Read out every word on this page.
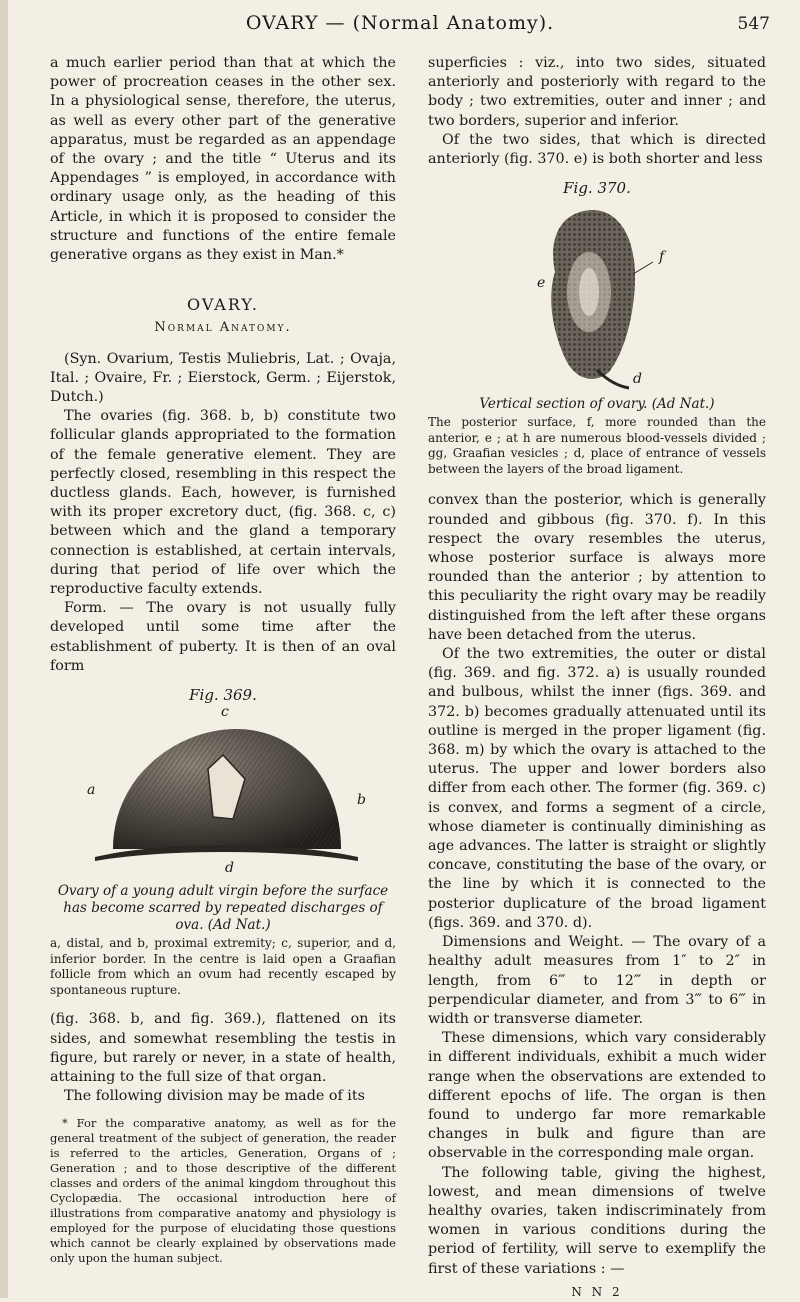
OVARY — (Normal Anatomy).	547

a much earlier period than that at which the power of procreation ceases in the other sex. In a physiological sense, therefore, the uterus, as well as every other part of the generative apparatus, must be regarded as an appendage of the ovary ; and the title “ Uterus and its Appendages ” is employed, in accordance with ordinary usage only, as the heading of this Article, in which it is proposed to consider the structure and functions of the entire female generative organs as they exist in Man.*

OVARY.
Normal Anatomy.

(Syn. Ovarium, Testis Muliebris, Lat. ; Ovaja, Ital. ; Ovaire, Fr. ; Eierstock, Germ. ; Eijerstok, Dutch.)

The ovaries (fig. 368. b, b) constitute two follicular glands appropriated to the formation of the female generative element. They are perfectly closed, resembling in this respect the ductless glands. Each, however, is furnished with its proper excretory duct, (fig. 368. c, c) between which and the gland a temporary connection is established, at certain intervals, during that period of life over which the reproductive faculty extends.

Form. — The ovary is not usually fully developed until some time after the establishment of puberty. It is then of an oval form

Fig. 369.
c
a
b
d
Ovary of a young adult virgin before the surface has become scarred by repeated discharges of ova. (Ad Nat.)
a, distal, and b, proximal extremity; c, superior, and d, inferior border. In the centre is laid open a Graafian follicle from which an ovum had recently escaped by spontaneous rupture.

(fig. 368. b, and fig. 369.), flattened on its sides, and somewhat resembling the testis in figure, but rarely or never, in a state of health, attaining to the full size of that organ.

The following division may be made of its

* For the comparative anatomy, as well as for the general treatment of the subject of generation, the reader is referred to the articles, Generation, Organs of ; Generation ; and to those descriptive of the different classes and orders of the animal kingdom throughout this Cyclopædia. The occasional introduction here of illustrations from comparative anatomy and physiology is employed for the purpose of elucidating those questions which cannot be clearly explained by observations made only upon the human subject.

superficies : viz., into two sides, situated anteriorly and posteriorly with regard to the body ; two extremities, outer and inner ; and two borders, superior and inferior.

Of the two sides, that which is directed anteriorly (fig. 370. e) is both shorter and less

Fig. 370.
e
f
d
Vertical section of ovary. (Ad Nat.)
The posterior surface, f, more rounded than the anterior, e ; at h are numerous blood-vessels divided ; gg, Graafian vesicles ; d, place of entrance of vessels between the layers of the broad ligament.

convex than the posterior, which is generally rounded and gibbous (fig. 370. f). In this respect the ovary resembles the uterus, whose posterior surface is always more rounded than the anterior ; by attention to this peculiarity the right ovary may be readily distinguished from the left after these organs have been detached from the uterus.

Of the two extremities, the outer or distal (fig. 369. and fig. 372. a) is usually rounded and bulbous, whilst the inner (figs. 369. and 372. b) becomes gradually attenuated until its outline is merged in the proper ligament (fig. 368. m) by which the ovary is attached to the uterus. The upper and lower borders also differ from each other. The former (fig. 369. c) is convex, and forms a segment of a circle, whose diameter is continually diminishing as age advances. The latter is straight or slightly concave, constituting the base of the ovary, or the line by which it is connected to the posterior duplicature of the broad ligament (figs. 369. and 370. d).

Dimensions and Weight. — The ovary of a healthy adult measures from 1″ to 2″ in length, from 6‴ to 12‴ in depth or perpendicular diameter, and from 3‴ to 6‴ in width or transverse diameter.

These dimensions, which vary considerably in different individuals, exhibit a much wider range when the observations are extended to different epochs of life. The organ is then found to undergo far more remarkable changes in bulk and figure than are observable in the corresponding male organ.

The following table, giving the highest, lowest, and mean dimensions of twelve healthy ovaries, taken indiscriminately from women in various conditions during the period of fertility, will serve to exemplify the first of these variations : —

N N 2
